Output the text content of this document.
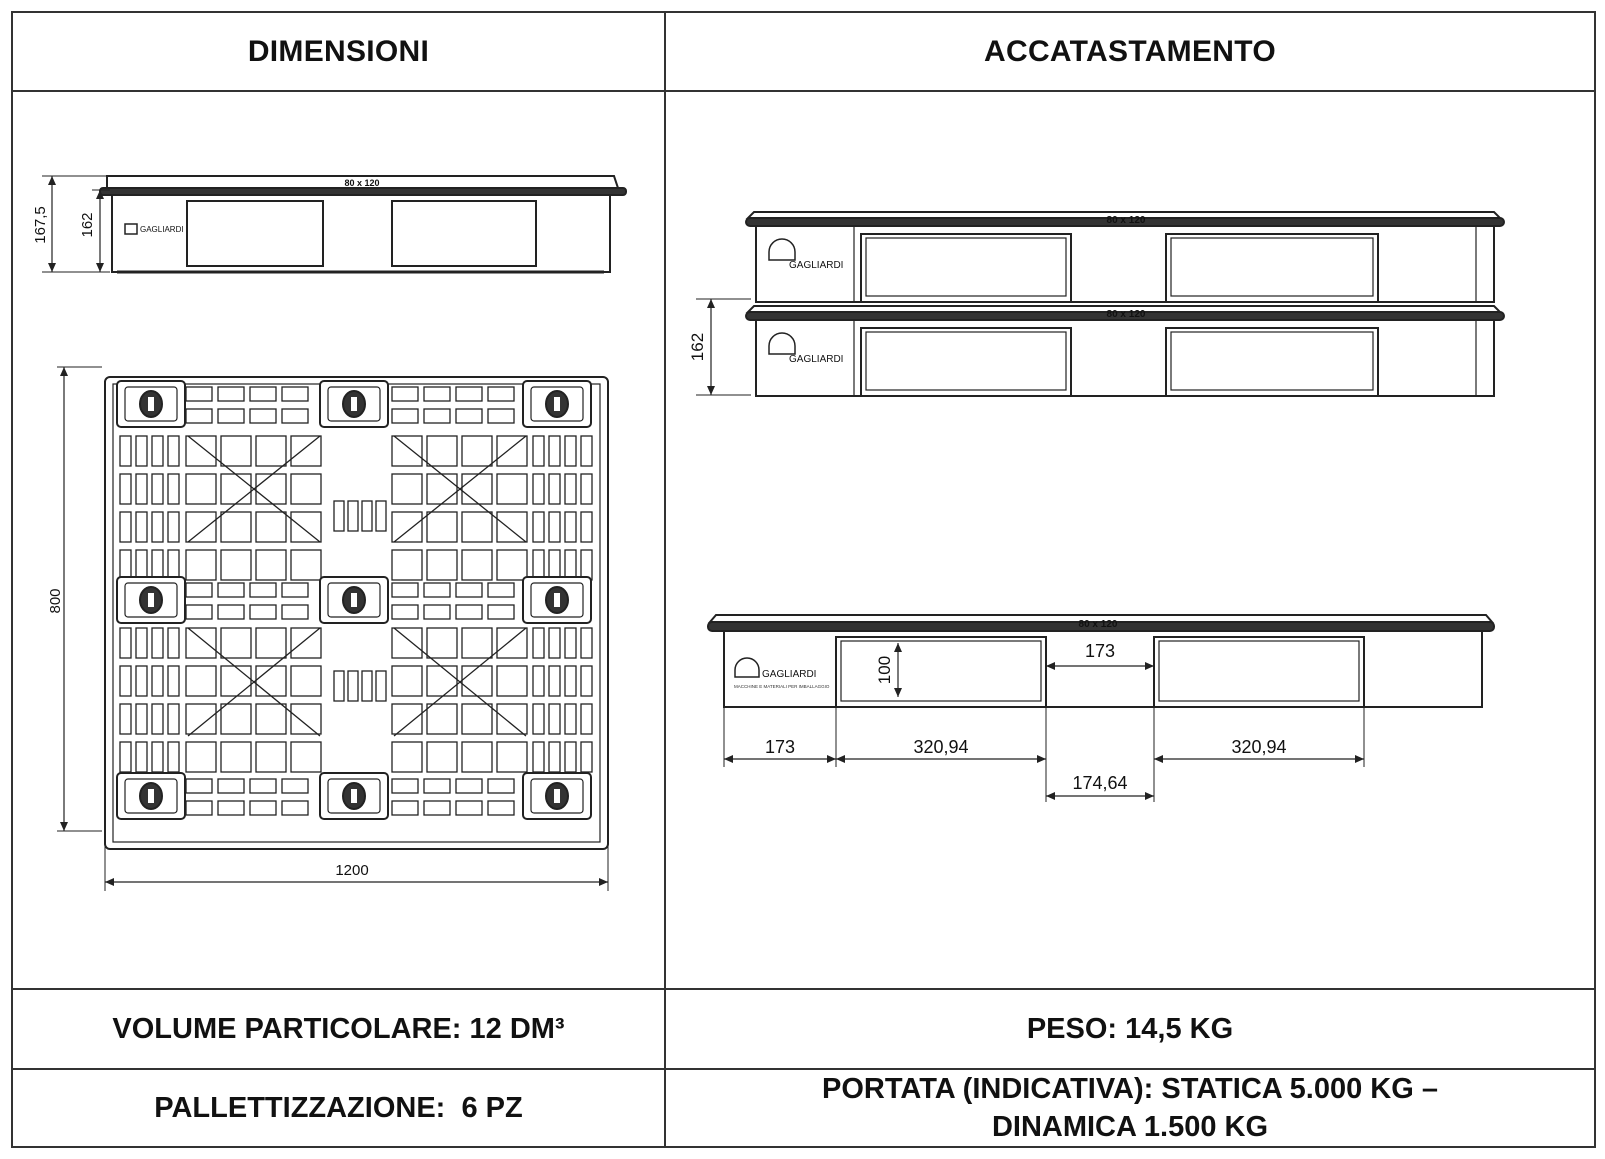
DIMENSIONI	ACCATASTAMENTO
80 x 120
GAGLIARDI
167,5 162
800
1200
80 x 120
80 x 120
GAGLIARDI
GAGLIARDI
162
80 x 120
GAGLIARDI
MACCHINE E MATERIALI PER IMBALLAGGIO
100
173
173	320,94	320,94
174,64
VOLUME PARTICOLARE: 12 DM³	PESO: 14,5 KG
PALLETTIZZAZIONE:  6 PZ
PORTATA (INDICATIVA): STATICA 5.000 KG –
DINAMICA 1.500 KG
